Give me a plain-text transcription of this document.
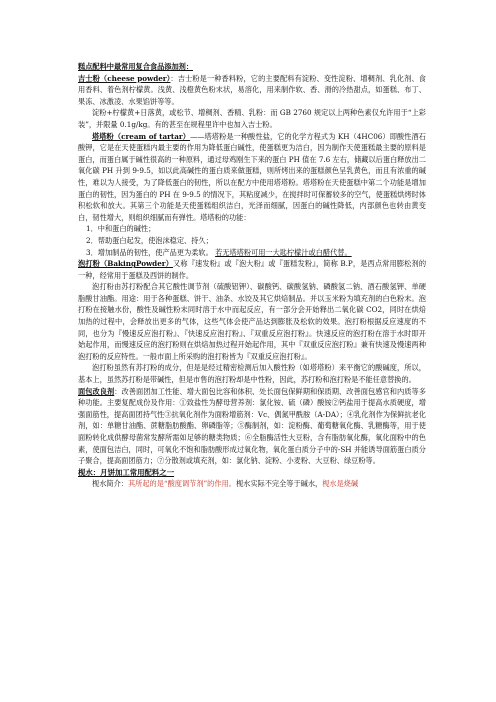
糕点配料中最常用复合食品添加剂：

吉士粉（cheese powder）：吉士粉是一种香料粉，它的主要配料有淀粉、变性淀粉、增稠剂、乳化剂、食用香料、着色剂柠檬黄。浅黄、浅橙黄色粉末状，易溶化，用来制作软、香、滑的冷热甜点，如蛋糕、布丁、果冻、冰激凌、水果馅饼等等。

淀粉+柠檬黄+日落黄，或松节、增稠剂、香精、乳粉：而 GB 2760 规定以上两种色素仅允许用于“上彩装”，并限量 0.1g/kg。有的甚至在规程里许中也加入吉士粉。

塔塔粉（cream of tartar）——塔塔粉是一种酸性盐，它的化学方程式为 KH（4HC06）即酸性酒石酸钾，它是在天使蛋糕内最主要的作用为降低蛋白碱性，使蛋糕更为洁白，因为制作天使蛋糕最主要的原料是蛋白，而蛋白属于碱性很高的一种原料，通过母鸡刚生下来的蛋白 PH 值在 7.6 左右，储藏以后蛋白释放出二氧化碳 PH 升到 9-9.5，如以此高碱性的蛋白质来做蛋糕，则所烤出来的蛋糕颜色呈乳黄色，而且有浓重的碱性，难以为人接受，为了降低蛋白的韧性，所以在配方中使用塔塔粉。塔塔粉在天使蛋糕中第二个功能是增加蛋白的韧性，因为蛋白的 PH 在 9-9.5 的情况下，其粘度减少，在搅拌时可保蓄较多的空气，使蛋糕烘烤时体积松软和放大。其第三个功能是天使蛋糕组织洁白，光泽而细腻，因蛋白的碱性降低，内部颜色也转由黄变白，韧性增大，则组织细腻而有弹性。塔塔粉的功能：

1．中和蛋白的碱性；
2．帮助蛋白起发，使泡沫稳定、持久；
3．增加制品的韧性，使产品更为柔软。 若无塔塔粉可用一大匙柠檬汁或白醋代替。

泡打粉（BakingPowder）又称『速发粉』或『泡大粉』或『蛋糕发粉』，简称 B.P，是西点常用膨松剂的一种，经常用于蛋糕及西饼的制作。

泡打粉由苏打粉配合其它酸性调节剂（硫酸铝钾）、碳酸钙、碳酸氢钠、磷酸氢二钠、酒石酸氢钾、单硬脂酸甘油酯。用途：用于各种蛋糕、饼干、油条、水饺及其它烘焙制品。并以玉米粉为填充剂的白色粉末。泡打粉在接触水份，酸性及碱性粉末同时溶于水中而起反应，有一部分会开始释出二氧化碳 CO2，同时在烘焙加热的过程中，会释放出更多的气体，这些气体会使产品达到膨胀及松软的效果。泡打粉根据反应速度的不同，也分为『慢速反应泡打粉』、『快速反应泡打粉』、『双重反应泡打粉』。快速反应的泡打粉在溶于水时即开始起作用，而慢速反应的泡打粉则在烘焙加热过程开始起作用，其中『双重反应泡打粉』兼有快速及慢速两种泡打粉的反应特性。一般市面上所采购的泡打粉皆为『双重反应泡打粉』。

泡打粉虽然有苏打粉的成分，但是是经过精密检测后加入酸性粉（如塔塔粉）来平衡它的酸碱度，所以，基本上，虽然苏打粉是带碱性，但是市售的泡打粉却是中性粉，因此，苏打粉和泡打粉是不能任意替换的。

面包改良剂：改善面团加工性能、增大面包比容和体积、处长面包保鲜期和保质期、改善面包感官和内质等多种功能。主要复配成份及作用：①致盐性为酵母营养剂：氯化铵、硫（磷）酸铵②钙盐用于提高水质硬度，增强面筋性，提高面团持气性③抗氧化剂作为面粉增筋剂：Vc、偶氮甲酰胺（A-DA）；④乳化剂作为保鲜抗老化剂，如：单糖甘油酯、蔗糖脂肪酸酯、卵磷脂等；⑤酶制剂，如：淀粉酶、葡萄糖氧化酶、乳糖酶等，用于使面粉转化成供酵母菌常发酵所需如足够的糖类物质；⑥全脂酶活性大豆粉，含有脂肪氧化酶，氧化面粉中的色素，使面包洁白，同时，可氧化不饱和脂肪酸形成过氧化物，氧化蛋白质分子中的-SH 并能诱导面筋蛋白质分子聚合，提高面团筋力；⑦分散剂或填充剂，如：氯化钠、淀粉、小麦粉、大豆粉、绿豆粉等。

枧水：月饼加工常用配料之一

枧水简介：其所起的是“酸度调节剂”的作用。枧水实际不完全等于碱水，枧水是烧碱
